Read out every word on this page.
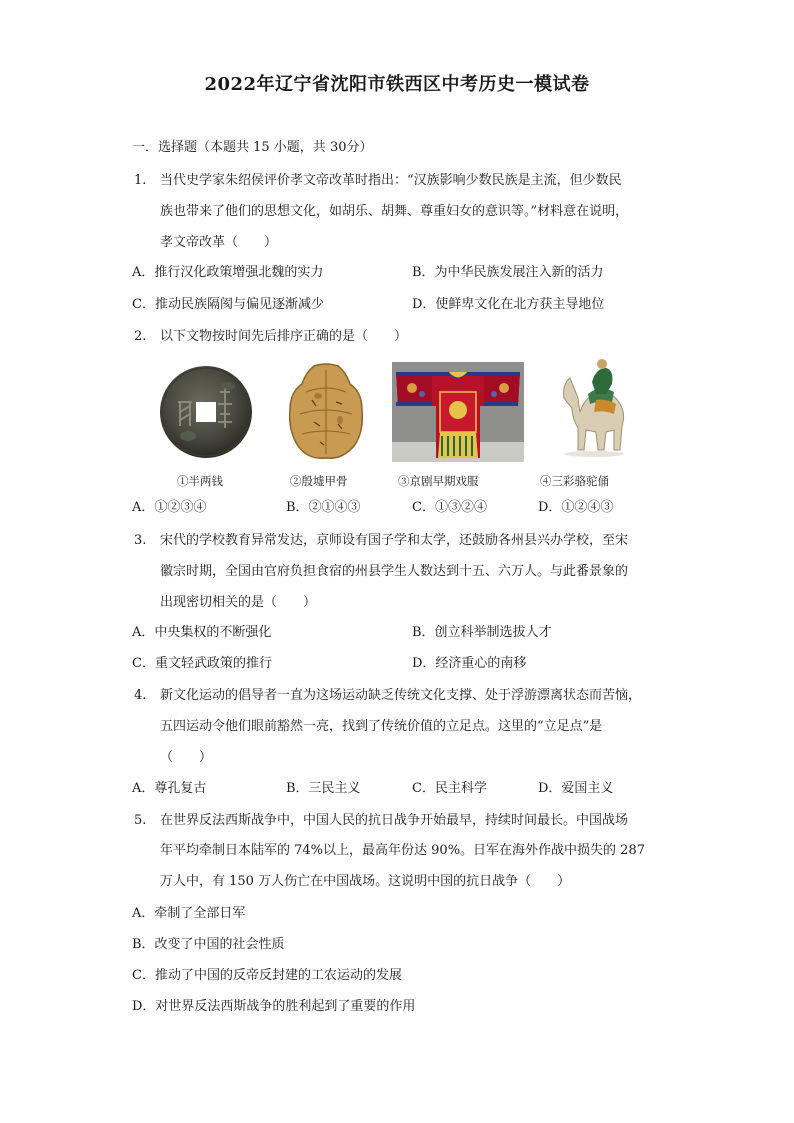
2022年辽宁省沈阳市铁西区中考历史一模试卷
一．选择题（本题共 15 小题，共 30分）
1. 当代史学家朱绍侯评价孝文帝改革时指出：“汉族影响少数民族是主流，但少数民
族也带来了他们的思想文化，如胡乐、胡舞、尊重妇女的意识等。”材料意在说明，
孝文帝改革（　　）
A．推行汉化政策增强北魏的实力	B．为中华民族发展注入新的活力
C．推动民族隔阂与偏见逐渐减少	D．使鲜卑文化在北方获主导地位
2. 以下文物按时间先后排序正确的是（　　）
①半两钱	②殷墟甲骨	③京剧早期戏服	④三彩骆驼俑
A．①②③④	B．②①④③	C．①③②④	D．①②④③
3. 宋代的学校教育异常发达，京师设有国子学和太学，还鼓励各州县兴办学校，至宋
徽宗时期，全国由官府负担食宿的州县学生人数达到十五、六万人。与此番景象的
出现密切相关的是（　　）
A．中央集权的不断强化	B．创立科举制选拔人才
C．重文轻武政策的推行	D．经济重心的南移
4. 新文化运动的倡导者一直为这场运动缺乏传统文化支撑、处于浮游漂离状态而苦恼，
五四运动令他们眼前豁然一亮，找到了传统价值的立足点。这里的“立足点”是
（　　）
A．尊孔复古	B．三民主义	C．民主科学	D．爱国主义
5. 在世界反法西斯战争中，中国人民的抗日战争开始最早，持续时间最长。中国战场
年平均牵制日本陆军的 74%以上，最高年份达 90%。日军在海外作战中损失的 287
万人中，有 150 万人伤亡在中国战场。这说明中国的抗日战争（　　）
A．牵制了全部日军
B．改变了中国的社会性质
C．推动了中国的反帝反封建的工农运动的发展
D．对世界反法西斯战争的胜利起到了重要的作用
